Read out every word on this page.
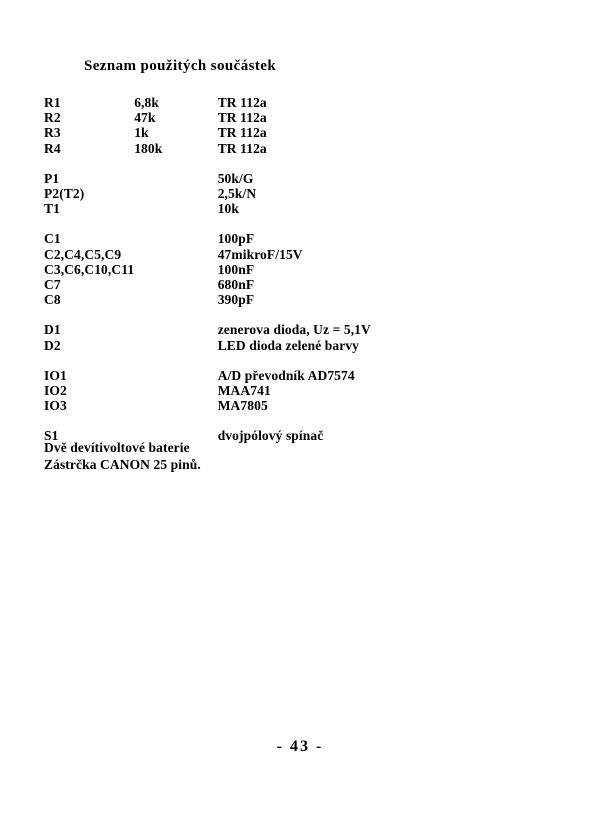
Seznam použitých součástek
R1	6,8k	TR 112a
R2	47k	TR 112a
R3	1k	TR 112a
R4	180k	TR 112a

P1		50k/G
P2(T2)		2,5k/N
T1		10k

C1		100pF
C2,C4,C5,C9		47mikroF/15V
C3,C6,C10,C11		100nF
C7		680nF
C8		390pF

D1		zenerova dioda, Uz = 5,1V
D2		LED dioda zelené barvy

IO1		A/D převodník AD7574
IO2		MAA741
IO3		MA7805

S1		dvojpólový spínač
Dvě devítivoltové baterie
Zástrčka CANON 25 pinů.
- 43 -
